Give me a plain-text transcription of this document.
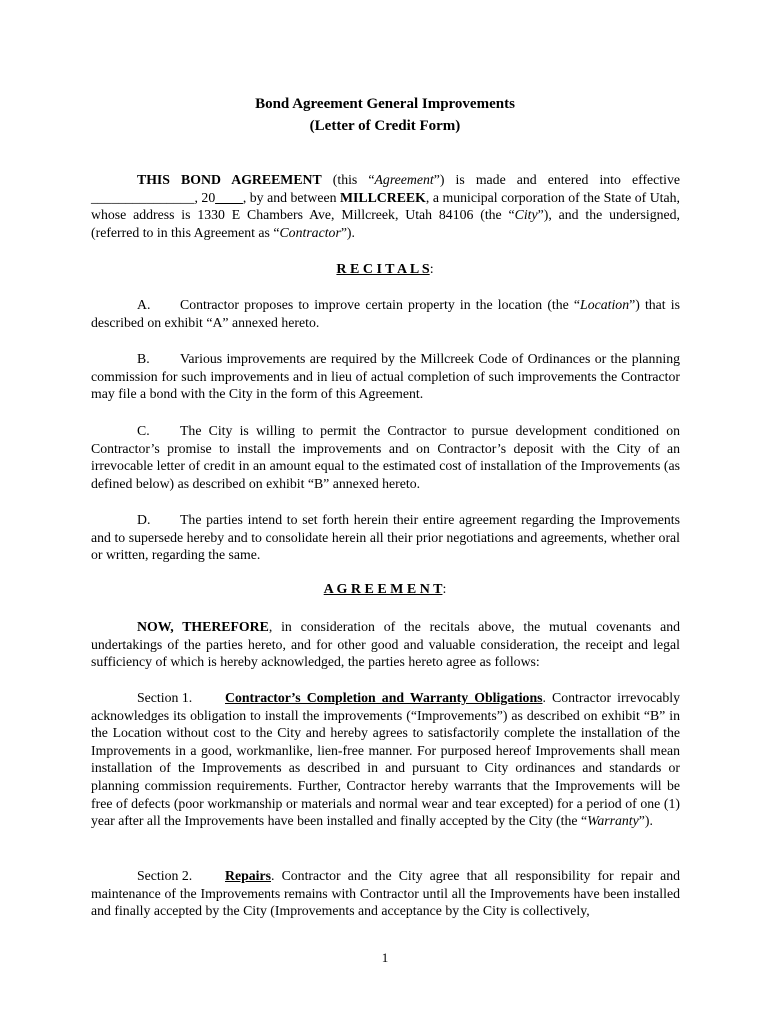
Bond Agreement General Improvements
(Letter of Credit Form)

THIS BOND AGREEMENT (this “Agreement”) is made and entered into effective _______________, 20____, by and between MILLCREEK, a municipal corporation of the State of Utah, whose address is 1330 E Chambers Ave, Millcreek, Utah 84106 (the “City”), and the undersigned, (referred to in this Agreement as “Contractor”).

R E C I T A L S:

A. Contractor proposes to improve certain property in the location (the “Location”) that is described on exhibit “A” annexed hereto.

B. Various improvements are required by the Millcreek Code of Ordinances or the planning commission for such improvements and in lieu of actual completion of such improvements the Contractor may file a bond with the City in the form of this Agreement.

C. The City is willing to permit the Contractor to pursue development conditioned on Contractor’s promise to install the improvements and on Contractor’s deposit with the City of an irrevocable letter of credit in an amount equal to the estimated cost of installation of the Improvements (as defined below) as described on exhibit “B” annexed hereto.

D. The parties intend to set forth herein their entire agreement regarding the Improvements and to supersede hereby and to consolidate herein all their prior negotiations and agreements, whether oral or written, regarding the same.

A G R E E M E N T:

NOW, THEREFORE, in consideration of the recitals above, the mutual covenants and undertakings of the parties hereto, and for other good and valuable consideration, the receipt and legal sufficiency of which is hereby acknowledged, the parties hereto agree as follows:

Section 1. Contractor’s Completion and Warranty Obligations. Contractor irrevocably acknowledges its obligation to install the improvements (“Improvements”) as described on exhibit “B” in the Location without cost to the City and hereby agrees to satisfactorily complete the installation of the Improvements in a good, workmanlike, lien-free manner. For purposed hereof Improvements shall mean installation of the Improvements as described in and pursuant to City ordinances and standards or planning commission requirements. Further, Contractor hereby warrants that the Improvements will be free of defects (poor workmanship or materials and normal wear and tear excepted) for a period of one (1) year after all the Improvements have been installed and finally accepted by the City (the “Warranty”).

Section 2. Repairs. Contractor and the City agree that all responsibility for repair and maintenance of the Improvements remains with Contractor until all the Improvements have been installed and finally accepted by the City (Improvements and acceptance by the City is collectively,

1
